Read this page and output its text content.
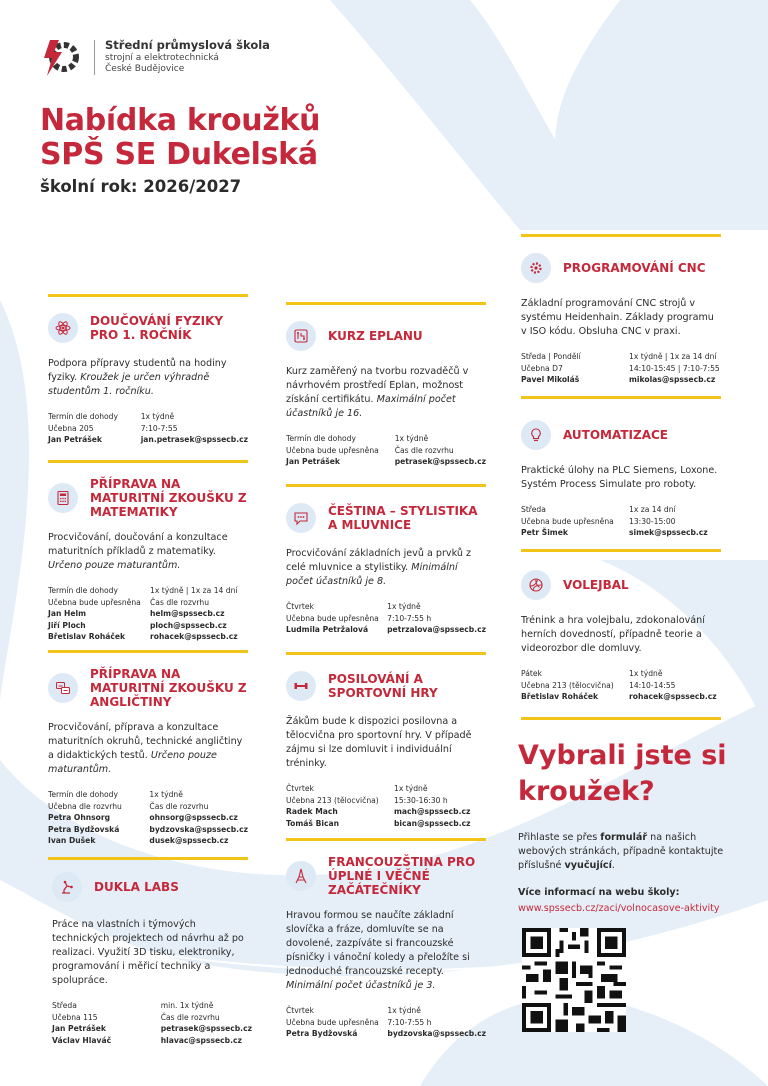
Střední průmyslová škola
strojní a elektrotechnická
České Budějovice
Nabídka kroužků
SPŠ SE Dukelská
školní rok: 2026/2027
DOUČOVÁNÍ FYZIKY PRO 1. ROČNÍK
Podpora přípravy studentů na hodiny fyziky. Kroužek je určen výhradně studentům 1. ročníku.
Termín dle dohody
Učebna 205
Jan Petrášek
1x týdně
7:10-7:55
jan.petrasek@spssecb.cz
PŘÍPRAVA NA MATURITNÍ ZKOUŠKU Z MATEMATIKY
Procvičování, doučování a konzultace maturitních příkladů z matematiky. Určeno pouze maturantům.
Termín dle dohody
Učebna bude upřesněna
Jan Helm
Jiří Ploch
Břetislav Roháček
1x týdně | 1x za 14 dní
Čas dle rozvrhu
helm@spssecb.cz
ploch@spssecb.cz
rohacek@spssecb.cz
PŘÍPRAVA NA MATURITNÍ ZKOUŠKU Z ANGLIČTINY
Procvičování, příprava a konzultace maturitních okruhů, technické angličtiny a didaktických testů. Určeno pouze maturantům.
Termín dle dohody
Učebna dle rozvrhu
Petra Ohnsorg
Petra Bydžovská
Ivan Dušek
1x týdně
Čas dle rozvrhu
ohnsorg@spssecb.cz
bydzovska@spssecb.cz
dusek@spssecb.cz
DUKLA LABS
Práce na vlastních i týmových technických projektech od návrhu až po realizaci. Využití 3D tisku, elektroniky, programování i měřicí techniky a spolupráce.
Středa
Učebna 115
Jan Petrášek
Václav Hlaváč
min. 1x týdně
Čas dle rozvrhu
petrasek@spssecb.cz
hlavac@spssecb.cz
KURZ EPLANU
Kurz zaměřený na tvorbu rozvaděčů v návrhovém prostředí Eplan, možnost získání certifikátu. Maximální počet účastníků je 16.
Termín dle dohody
Učebna bude upřesněna
Jan Petrášek
1x týdně
Čas dle rozvrhu
petrasek@spssecb.cz
ČEŠTINA – STYLISTIKA A MLUVNICE
Procvičování základních jevů a prvků z celé mluvnice a stylistiky. Minimální počet účastníků je 8.
Čtvrtek
Učebna bude upřesněna
Ludmila Petržalová
1x týdně
7:10-7:55 h
petrzalova@spssecb.cz
POSILOVÁNÍ A SPORTOVNÍ HRY
Žákům bude k dispozici posilovna a tělocvična pro sportovní hry. V případě zájmu si lze domluvit i individuální tréninky.
Čtvrtek
Učebna 213 (tělocvična)
Radek Mach
Tomáš Bican
1x týdně
15:30-16:30 h
mach@spssecb.cz
bican@spssecb.cz
FRANCOUZŠTINA PRO ÚPLNÉ I VĚČNÉ ZAČÁTEČNÍKY
Hravou formou se naučíte základní slovíčka a fráze, domluvíte se na dovolené, zazpíváte si francouzské písničky i vánoční koledy a přeložíte si jednoduché francouzské recepty. Minimální počet účastníků je 3.
Čtvrtek
Učebna bude upřesněna
Petra Bydžovská
1x týdně
7:10-7:55 h
bydzovska@spssecb.cz
PROGRAMOVÁNÍ CNC
Základní programování CNC strojů v systému Heidenhain. Základy programu v ISO kódu. Obsluha CNC v praxi.
Středa | Pondělí
Učebna D7
Pavel Mikoláš
1x týdně | 1x za 14 dní
14:10-15:45 | 7:10-7:55
mikolas@spssecb.cz
AUTOMATIZACE
Praktické úlohy na PLC Siemens, Loxone. Systém Process Simulate pro roboty.
Středa
Učebna bude upřesněna
Petr Šimek
1x za 14 dní
13:30-15:00
simek@spssecb.cz
VOLEJBAL
Trénink a hra volejbalu, zdokonalování herních dovedností, případně teorie a videorozbor dle domluvy.
Pátek
Učebna 213 (tělocvična)
Břetislav Roháček
1x týdně
14:10-14:55
rohacek@spssecb.cz
Vybrali jste si
kroužek?
Přihlaste se přes formulář na našich webových stránkách, případně kontaktujte příslušné vyučující.
Více informací na webu školy:
www.spssecb.cz/zaci/volnocasove-aktivity
